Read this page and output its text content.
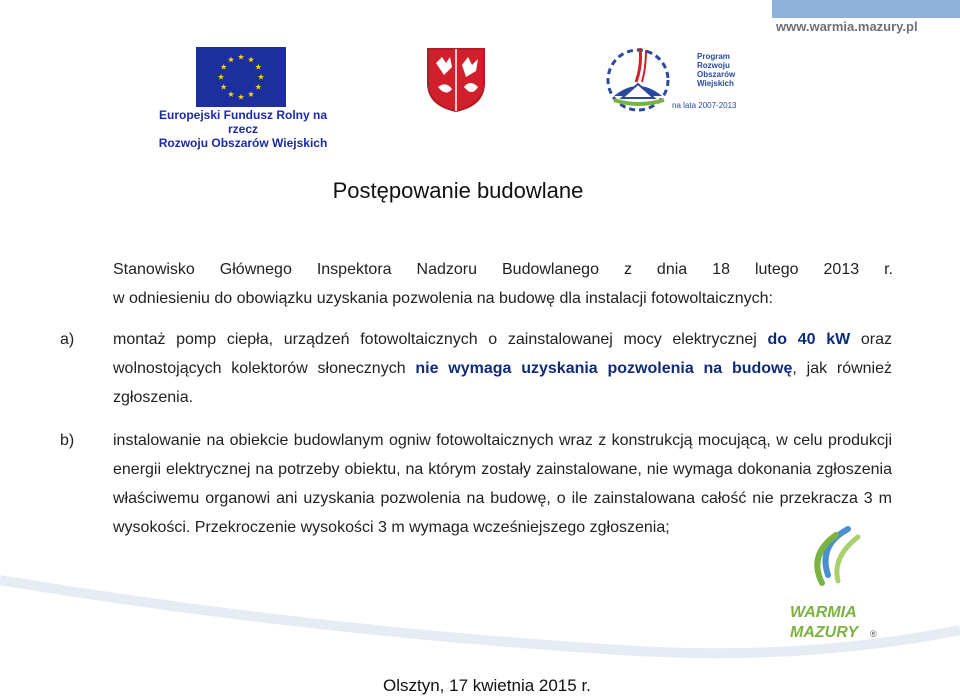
www.warmia.mazury.pl
Europejski Fundusz Rolny na rzecz
Rozwoju Obszarów Wiejskich
Program
Rozwoju
Obszarów
Wiejskich
na lata 2007-2013
Postępowanie budowlane
Stanowisko Głównego Inspektora Nadzoru Budowlanego z dnia 18 lutego 2013 r.
w odniesieniu do obowiązku uzyskania pozwolenia na budowę dla instalacji fotowoltaicznych:
a) montaż pomp ciepła, urządzeń fotowoltaicznych o zainstalowanej mocy elektrycznej do 40 kW oraz wolnostojących kolektorów słonecznych nie wymaga uzyskania pozwolenia na budowę, jak również zgłoszenia.
b) instalowanie na obiekcie budowlanym ogniw fotowoltaicznych wraz z konstrukcją mocującą, w celu produkcji energii elektrycznej na potrzeby obiektu, na którym zostały zainstalowane, nie wymaga dokonania zgłoszenia właściwemu organowi ani uzyskania pozwolenia na budowę, o ile zainstalowana całość nie przekracza 3 m wysokości. Przekroczenie wysokości 3 m wymaga wcześniejszego zgłoszenia;
WARMIA
MAZURY ®
Olsztyn, 17 kwietnia 2015 r.
